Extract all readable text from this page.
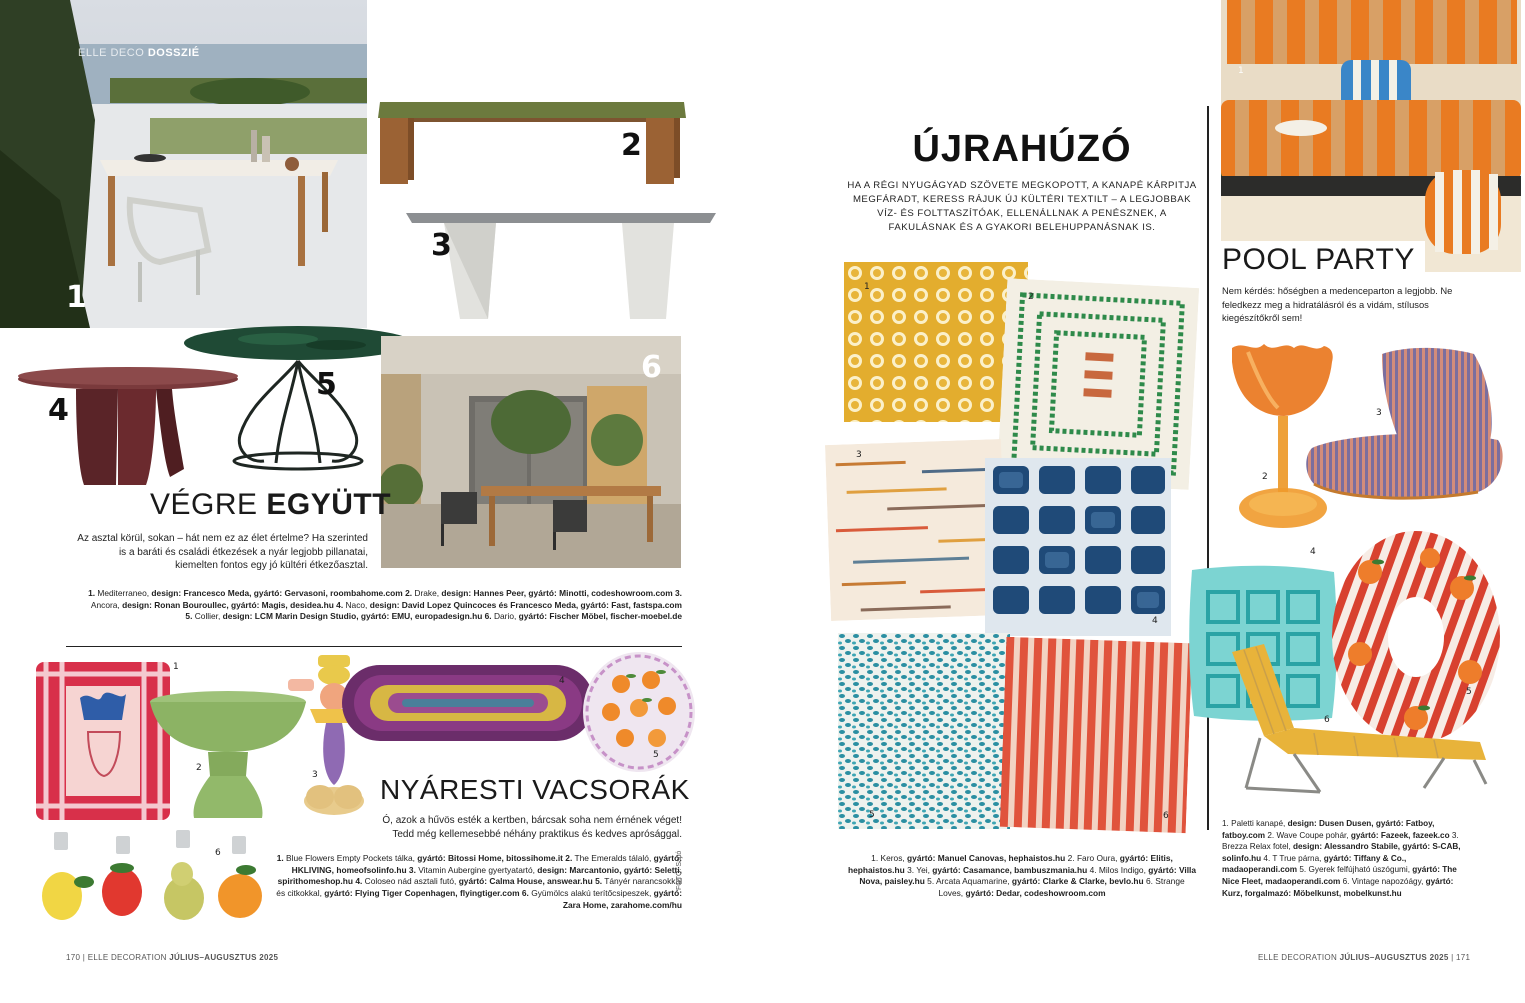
ELLE DECO DOSSZIÉ
1
2
3
4
5	6
VÉGRE EGYÜTT
Az asztal körül, sokan – hát nem ez az élet értelme? Ha szerinted is a baráti és családi étkezések a nyár legjobb pillanatai, kiemelten fontos egy jó kültéri étkezőasztal.
1. Mediterraneo, design: Francesco Meda, gyártó: Gervasoni, roombahome.com 2. Drake, design: Hannes Peer, gyártó: Minotti, codeshowroom.com 3. Ancora, design: Ronan Bouroullec, gyártó: Magis, desidea.hu 4. Naco, design: David Lopez Quincoces és Francesco Meda, gyártó: Fast, fastspa.com 5. Collier, design: LCM Marin Design Studio, gyártó: EMU, europadesign.hu 6. Dario, gyártó: Fischer Möbel, fischer-moebel.de
1
2
3
4
5
6
NYÁRESTI VACSORÁK
Ó, azok a hűvös esték a kertben, bárcsak soha nem érnének véget! Tedd még kellemesebbé néhány praktikus és kedves aprósággal.
1. Blue Flowers Empty Pockets tálka, gyártó: Bitossi Home, bitossihome.it 2. The Emeralds tálaló, gyártó: HKLIVING, homeofsolinfo.hu 3. Vitamin Aubergine gyertyatartó, design: Marcantonio, gyártó: Seletti, spirithomeshop.hu 4. Coloseo nád asztali futó, gyártó: Calma House, answear.hu 5. Tányér narancsokkal és citkokkal, gyártó: Flying Tiger Copenhagen, flyingtiger.com 6. Gyümölcs alakú terítőcsipeszek, gyártó: Zara Home, zarahome.com/hu
FOTÓ: Sajtó
170 | ELLE DECORATION JÚLIUS–AUGUSZTUS 2025
ÚJRAHÚZÓ
HA A RÉGI NYUGÁGYAD SZÖVETE MEGKOPOTT, A KANAPÉ KÁRPITJA MEGFÁRADT, KERESS RÁJUK ÚJ KÜLTÉRI TEXTILT – A LEGJOBBAK VÍZ- ÉS FOLTTASZÍTÓAK, ELLENÁLLNAK A PENÉSZNEK, A FAKULÁSNAK ÉS A GYAKORI BELEHUPPANÁSNAK IS.
1
2
3
4
5	6
1. Keros, gyártó: Manuel Canovas, hephaistos.hu 2. Faro Oura, gyártó: Elitis, hephaistos.hu 3. Yei, gyártó: Casamance, bambuszmania.hu 4. Milos Indigo, gyártó: Villa Nova, paisley.hu 5. Arcata Aquamarine, gyártó: Clarke & Clarke, bevlo.hu 6. Strange Loves, gyártó: Dedar, codeshowroom.com
1
POOL PARTY
Nem kérdés: hőségben a medenceparton a legjobb. Ne feledkezz meg a hidratálásról és a vidám, stílusos kiegészítőkről sem!
2
3
4
5
6
1. Paletti kanapé, design: Dusen Dusen, gyártó: Fatboy, fatboy.com 2. Wave Coupe pohár, gyártó: Fazeek, fazeek.co 3. Brezza Relax fotel, design: Alessandro Stabile, gyártó: S-CAB, solinfo.hu 4. T True párna, gyártó: Tiffany & Co., madaoperandi.com 5. Gyerek felfújható úszógumi, gyártó: The Nice Fleet, madaoperandi.com 6. Vintage napozóágy, gyártó: Kurz, forgalmazó: Möbelkunst, mobelkunst.hu
ELLE DECORATION JÚLIUS–AUGUSZTUS 2025 | 171
